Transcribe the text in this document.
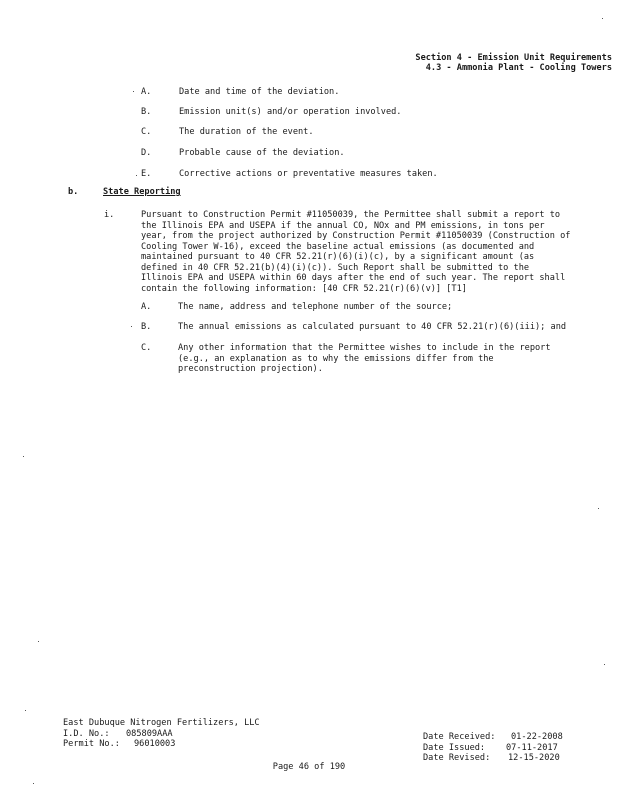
Section 4 - Emission Unit Requirements
4.3 - Ammonia Plant - Cooling Towers
A.	Date and time of the deviation.
B.	Emission unit(s) and/or operation involved.
C.	The duration of the event.
D.	Probable cause of the deviation.
E.	Corrective actions or preventative measures taken.
b.	State Reporting
i.	Pursuant to Construction Permit #11050039, the Permittee shall submit a report to
the Illinois EPA and USEPA if the annual CO, NOx and PM emissions, in tons per
year, from the project authorized by Construction Permit #11050039 (Construction of
Cooling Tower W-16), exceed the baseline actual emissions (as documented and
maintained pursuant to 40 CFR 52.21(r)(6)(i)(c), by a significant amount (as
defined in 40 CFR 52.21(b)(4)(i)(c)). Such Report shall be submitted to the
Illinois EPA and USEPA within 60 days after the end of such year. The report shall
contain the following information: [40 CFR 52.21(r)(6)(v)] [T1]
A.	The name, address and telephone number of the source;
B.	The annual emissions as calculated pursuant to 40 CFR 52.21(r)(6)(iii); and
C.	Any other information that the Permittee wishes to include in the report
(e.g., an explanation as to why the emissions differ from the
preconstruction projection).
East Dubuque Nitrogen Fertilizers, LLC
I.D. No.: 085809AAA
Permit No.: 96010003
Date Received: 01-22-2008
Date Issued: 07-11-2017
Date Revised: 12-15-2020
Page 46 of 190
